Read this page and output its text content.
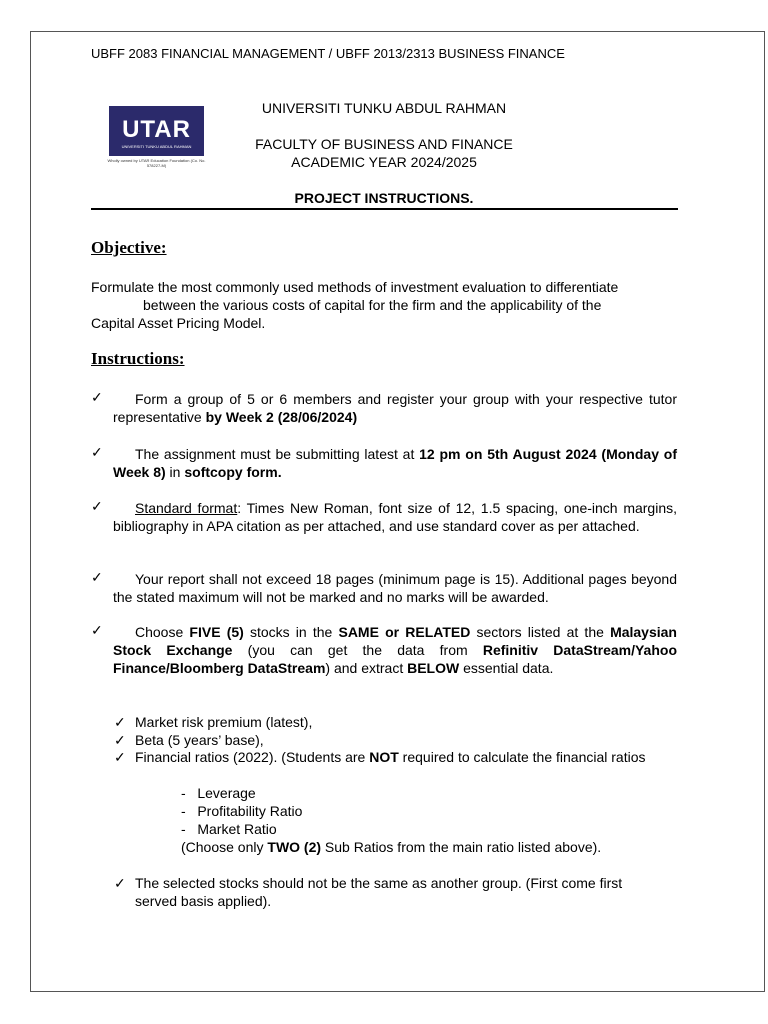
UBFF 2083 FINANCIAL MANAGEMENT / UBFF 2013/2313 BUSINESS FINANCE
UTAR
UNIVERSITI TUNKU ABDUL RAHMAN
Wholly owned by UTAR Education Foundation (Co. No. 578227-M)
UNIVERSITI TUNKU ABDUL RAHMAN
FACULTY OF BUSINESS AND FINANCE
ACADEMIC YEAR 2024/2025
PROJECT INSTRUCTIONS.
Objective:
Formulate the most commonly used methods of investment evaluation to differentiate
between the various costs of capital for the firm and the applicability of the
Capital Asset Pricing Model.
Instructions:
✓	Form a group of 5 or 6 members and register your group with your respective tutor representative by Week 2 (28/06/2024)
✓	The assignment must be submitting latest at 12 pm on 5th August 2024 (Monday of Week 8) in softcopy form.
✓	Standard format: Times New Roman, font size of 12, 1.5 spacing, one-inch margins, bibliography in APA citation as per attached, and use standard cover as per attached.
✓	Your report shall not exceed 18 pages (minimum page is 15). Additional pages beyond the stated maximum will not be marked and no marks will be awarded.
✓	Choose FIVE (5) stocks in the SAME or RELATED sectors listed at the Malaysian Stock Exchange (you can get the data from Refinitiv DataStream/Yahoo Finance/Bloomberg DataStream) and extract BELOW essential data.
✓ Market risk premium (latest),
✓ Beta (5 years’ base),
✓ Financial ratios (2022). (Students are NOT required to calculate the financial ratios
- Leverage
- Profitability Ratio
- Market Ratio
(Choose only TWO (2) Sub Ratios from the main ratio listed above).
✓ The selected stocks should not be the same as another group. (First come first served basis applied).
